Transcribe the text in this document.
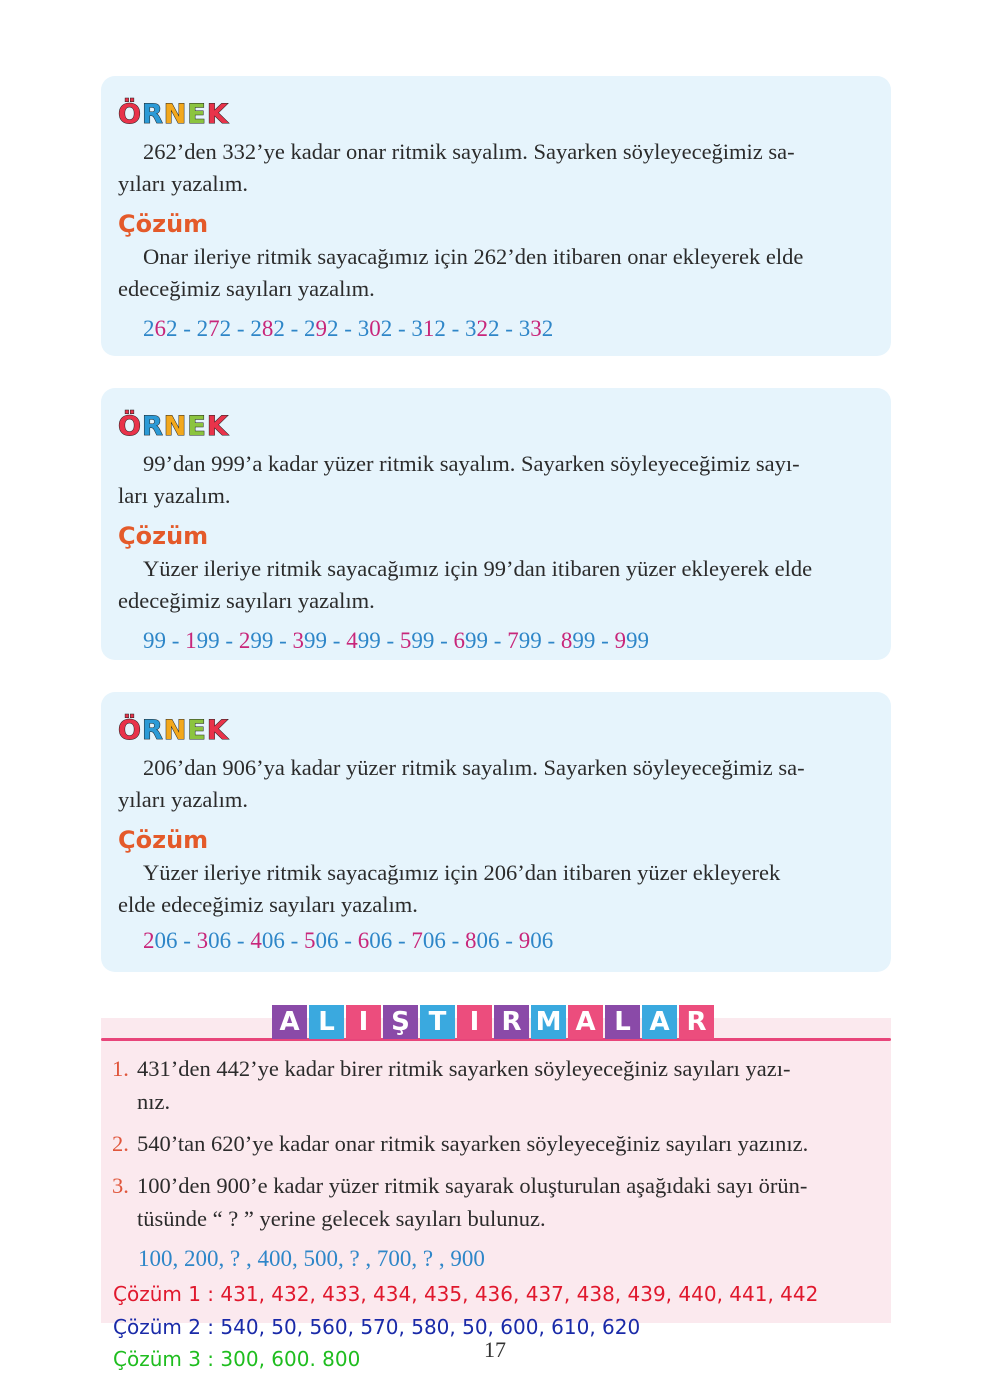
ÖRNEK
262’den 332’ye kadar onar ritmik sayalım. Sayarken söyleyeceğimiz sa-
yıları yazalım.
Çözüm
Onar ileriye ritmik sayacağımız için 262’den itibaren onar ekleyerek elde
edeceğimiz sayıları yazalım.
262 - 272 - 282 - 292 - 302 - 312 - 322 - 332
ÖRNEK
99’dan 999’a kadar yüzer ritmik sayalım. Sayarken söyleyeceğimiz sayı-
ları yazalım.
Çözüm
Yüzer ileriye ritmik sayacağımız için 99’dan itibaren yüzer ekleyerek elde
edeceğimiz sayıları yazalım.
99 - 199 - 299 - 399 - 499 - 599 - 699 - 799 - 899 - 999
ÖRNEK
206’dan 906’ya kadar yüzer ritmik sayalım. Sayarken söyleyeceğimiz sa-
yıları yazalım.
Çözüm
Yüzer ileriye ritmik sayacağımız için 206’dan itibaren yüzer ekleyerek
elde edeceğimiz sayıları yazalım.
206 - 306 - 406 - 506 - 606 - 706 - 806 - 906
A L I Ş T I R M A L A R
1. 431’den 442’ye kadar birer ritmik sayarken söyleyeceğiniz sayıları yazı-
nız.
2. 540’tan 620’ye kadar onar ritmik sayarken söyleyeceğiniz sayıları yazınız.
3. 100’den 900’e kadar yüzer ritmik sayarak oluşturulan aşağıdaki sayı örün-
tüsünde “ ? ” yerine gelecek sayıları bulunuz.
100, 200, ? , 400, 500, ? , 700, ? , 900
Çözüm 1 : 431, 432, 433, 434, 435, 436, 437, 438, 439, 440, 441, 442
Çözüm 2 : 540, 50, 560, 570, 580, 50, 600, 610, 620
Çözüm 3 : 300, 600. 800	17
